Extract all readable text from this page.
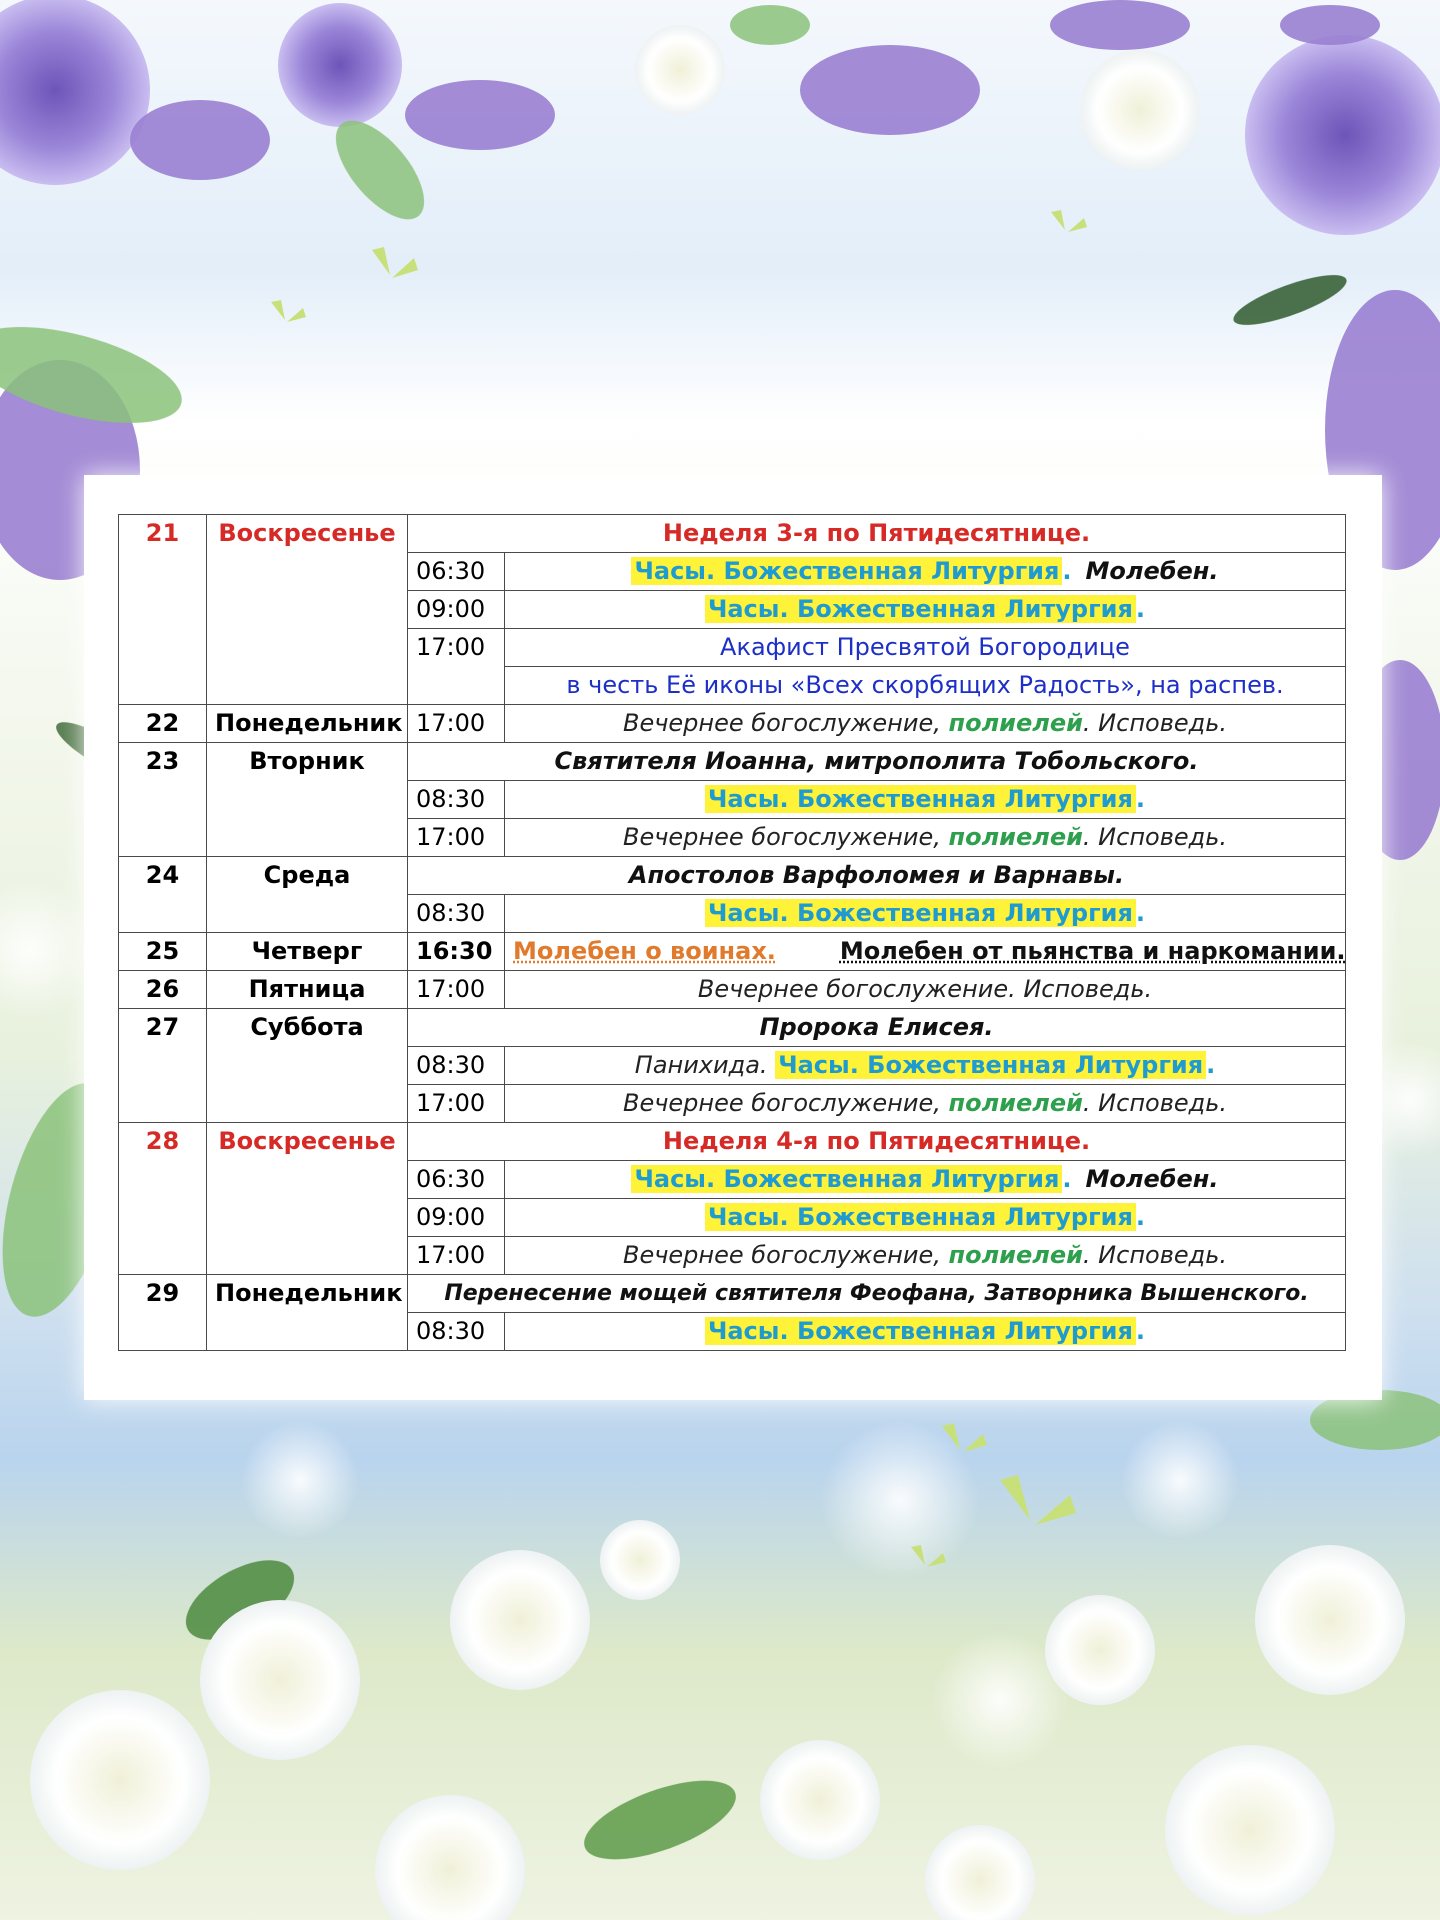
21	Воскресенье	Неделя 3-я по Пятидесятнице.	
		06:30	Часы. Божественная Литургия . Молебен.
		09:00	Часы. Божественная Литургия .
		17:00	Акафист Пресвятой Богородице
			в честь Её иконы «Всех скорбящих Радость», на распев.
22	Понедельник	17:00	Вечернее богослужение, полиелей. Исповедь.
23	Вторник	Святителя Иоанна, митрополита Тобольского.	
		08:30	Часы. Божественная Литургия .
		17:00	Вечернее богослужение, полиелей. Исповедь.
24	Среда	Апостолов Варфоломея и Варнавы.	
		08:30	Часы. Божественная Литургия .
25	Четверг	16:30	Молебен о воинах. Молебен от пьянства и наркомании.
26	Пятница	17:00	Вечернее богослужение. Исповедь.
27	Суббота	Пророка Елисея.	
		08:30	Панихида. Часы. Божественная Литургия .
		17:00	Вечернее богослужение, полиелей. Исповедь.
28	Воскресенье	Неделя 4-я по Пятидесятнице.	
		06:30	Часы. Божественная Литургия . Молебен.
		09:00	Часы. Божественная Литургия .
		17:00	Вечернее богослужение, полиелей. Исповедь.
29	Понедельник	Перенесение мощей святителя Феофана, Затворника Вышенского.	
		08:30	Часы. Божественная Литургия .
